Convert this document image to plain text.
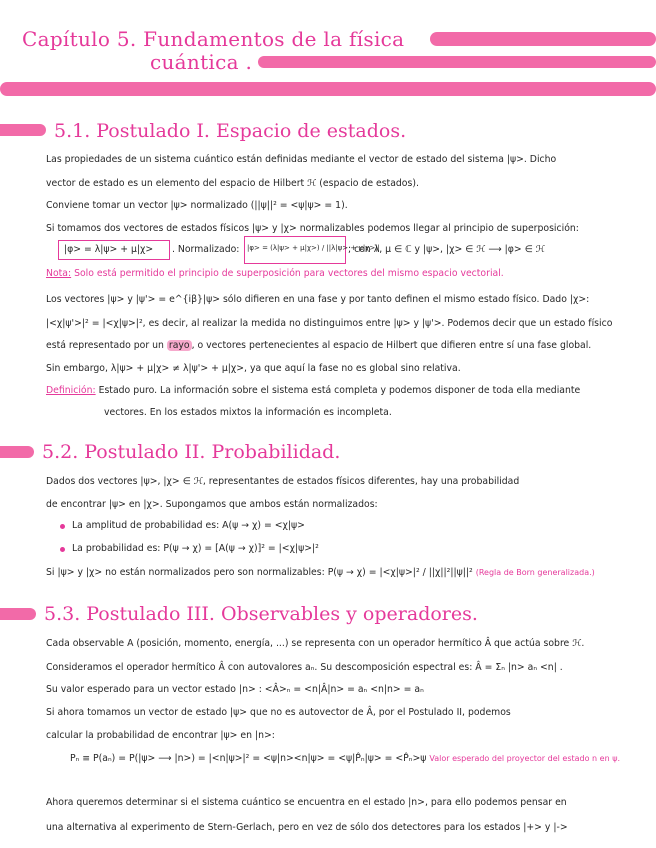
Capítulo 5. Fundamentos de la física
cuántica .
5.1. Postulado I. Espacio de estados.
Las propiedades de un sistema cuántico están definidas mediante el vector de estado del sistema |ψ>. Dicho
vector de estado es un elemento del espacio de Hilbert ℋ (espacio de estados).
Conviene tomar un vector |ψ> normalizado (||ψ||² = <ψ|ψ> = 1).
Si tomamos dos vectores de estados físicos |ψ> y |χ> normalizables podemos llegar al principio de superposición:
|φ> = λ|ψ> + μ|χ> . Normalizado: |φ> = (λ|ψ> + μ|χ>) / ||λ|ψ> + μ|χ>||
; con λ, μ ∈ ℂ y |ψ>, |χ> ∈ ℋ ⟶ |φ> ∈ ℋ
Nota: Solo está permitido el principio de superposición para vectores del mismo espacio vectorial.
Los vectores |ψ> y |ψ'> = e^{iβ}|ψ> sólo difieren en una fase y por tanto definen el mismo estado físico. Dado |χ>:
|<χ|ψ'>|² = |<χ|ψ>|², es decir, al realizar la medida no distinguimos entre |ψ> y |ψ'>. Podemos decir que un estado físico
está representado por un rayo , o vectores pertenecientes al espacio de Hilbert que difieren entre sí una fase global.
Sin embargo, λ|ψ> + μ|χ> ≠ λ|ψ'> + μ|χ>, ya que aquí la fase no es global sino relativa.
Definición: Estado puro. La información sobre el sistema está completa y podemos disponer de toda ella mediante
vectores. En los estados mixtos la información es incompleta.
5.2. Postulado II. Probabilidad.
Dados dos vectores |ψ>, |χ> ∈ ℋ, representantes de estados físicos diferentes, hay una probabilidad
de encontrar |ψ> en |χ>. Supongamos que ambos están normalizados:
La amplitud de probabilidad es: A(ψ → χ) = <χ|ψ>
La probabilidad es: P(ψ → χ) = [A(ψ → χ)]² = |<χ|ψ>|²
Si |ψ> y |χ> no están normalizados pero son normalizables: P(ψ → χ) = |<χ|ψ>|² / ||χ||²||ψ||² (Regla de Born generalizada.)
5.3. Postulado III. Observables y operadores.
Cada observable A (posición, momento, energía, ...) se representa con un operador hermítico Â que actúa sobre ℋ.
Consideramos el operador hermítico Â con autovalores aₙ. Su descomposición espectral es: Â = Σₙ |n> aₙ <n| .
Su valor esperado para un vector estado |n> : <Â>ₙ = <n|Â|n> = aₙ <n|n> = aₙ
Si ahora tomamos un vector de estado |ψ> que no es autovector de Â, por el Postulado II, podemos
calcular la probabilidad de encontrar |ψ> en |n>:
Pₙ ≡ P(aₙ) = P(|ψ> ⟶ |n>) = |<n|ψ>|² = <ψ|n><n|ψ> = <ψ|P̂ₙ|ψ> = <P̂ₙ>ψ Valor esperado del proyector del estado n en ψ.
Ahora queremos determinar si el sistema cuántico se encuentra en el estado |n>, para ello podemos pensar en
una alternativa al experimento de Stern-Gerlach, pero en vez de sólo dos detectores para los estados |+> y |->
